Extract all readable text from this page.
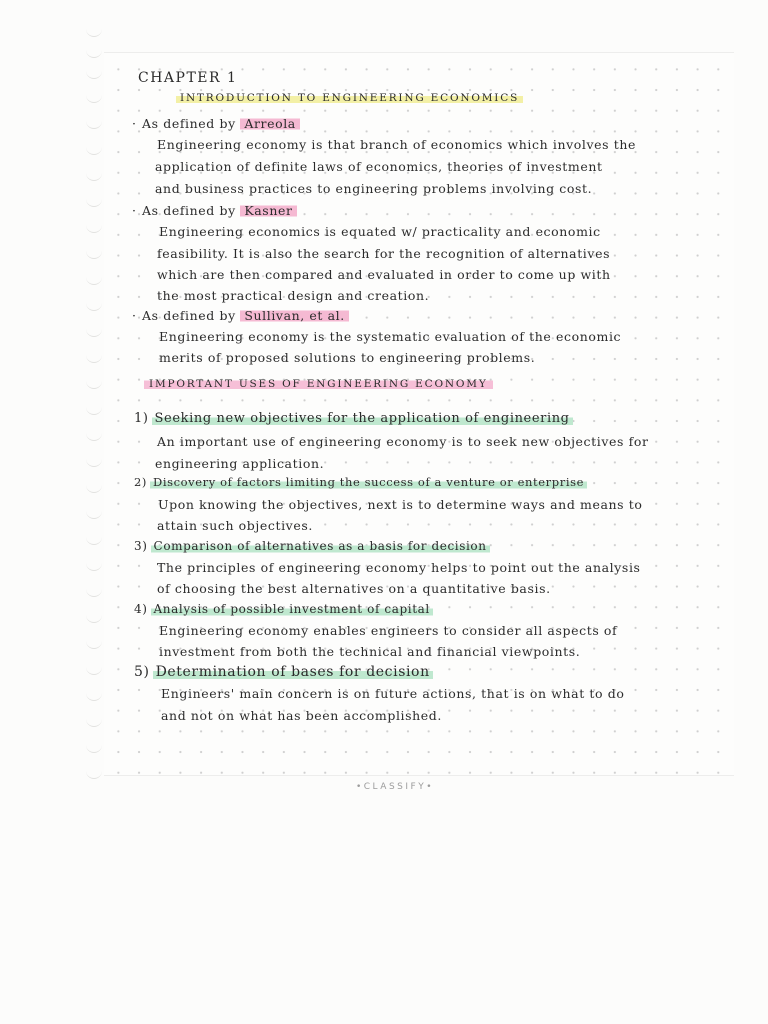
CHAPTER 1
INTRODUCTION TO ENGINEERING ECONOMICS
· As defined by Arreola
Engineering economy is that branch of economics which involves the
application of definite laws of economics, theories of investment
and business practices to engineering problems involving cost.
· As defined by Kasner
Engineering economics is equated w/ practicality and economic
feasibility. It is also the search for the recognition of alternatives
which are then compared and evaluated in order to come up with
the most practical design and creation.
· As defined by Sullivan, et al.
Engineering economy is the systematic evaluation of the economic
merits of proposed solutions to engineering problems.
IMPORTANT USES OF ENGINEERING ECONOMY
1) Seeking new objectives for the application of engineering
An important use of engineering economy is to seek new objectives for
engineering application.
2) Discovery of factors limiting the success of a venture or enterprise
Upon knowing the objectives, next is to determine ways and means to
attain such objectives.
3) Comparison of alternatives as a basis for decision
The principles of engineering economy helps to point out the analysis
of choosing the best alternatives on a quantitative basis.
4) Analysis of possible investment of capital
Engineering economy enables engineers to consider all aspects of
investment from both the technical and financial viewpoints.
5) Determination of bases for decision
Engineers' main concern is on future actions, that is on what to do
and not on what has been accomplished.
•CLASSIFY•
